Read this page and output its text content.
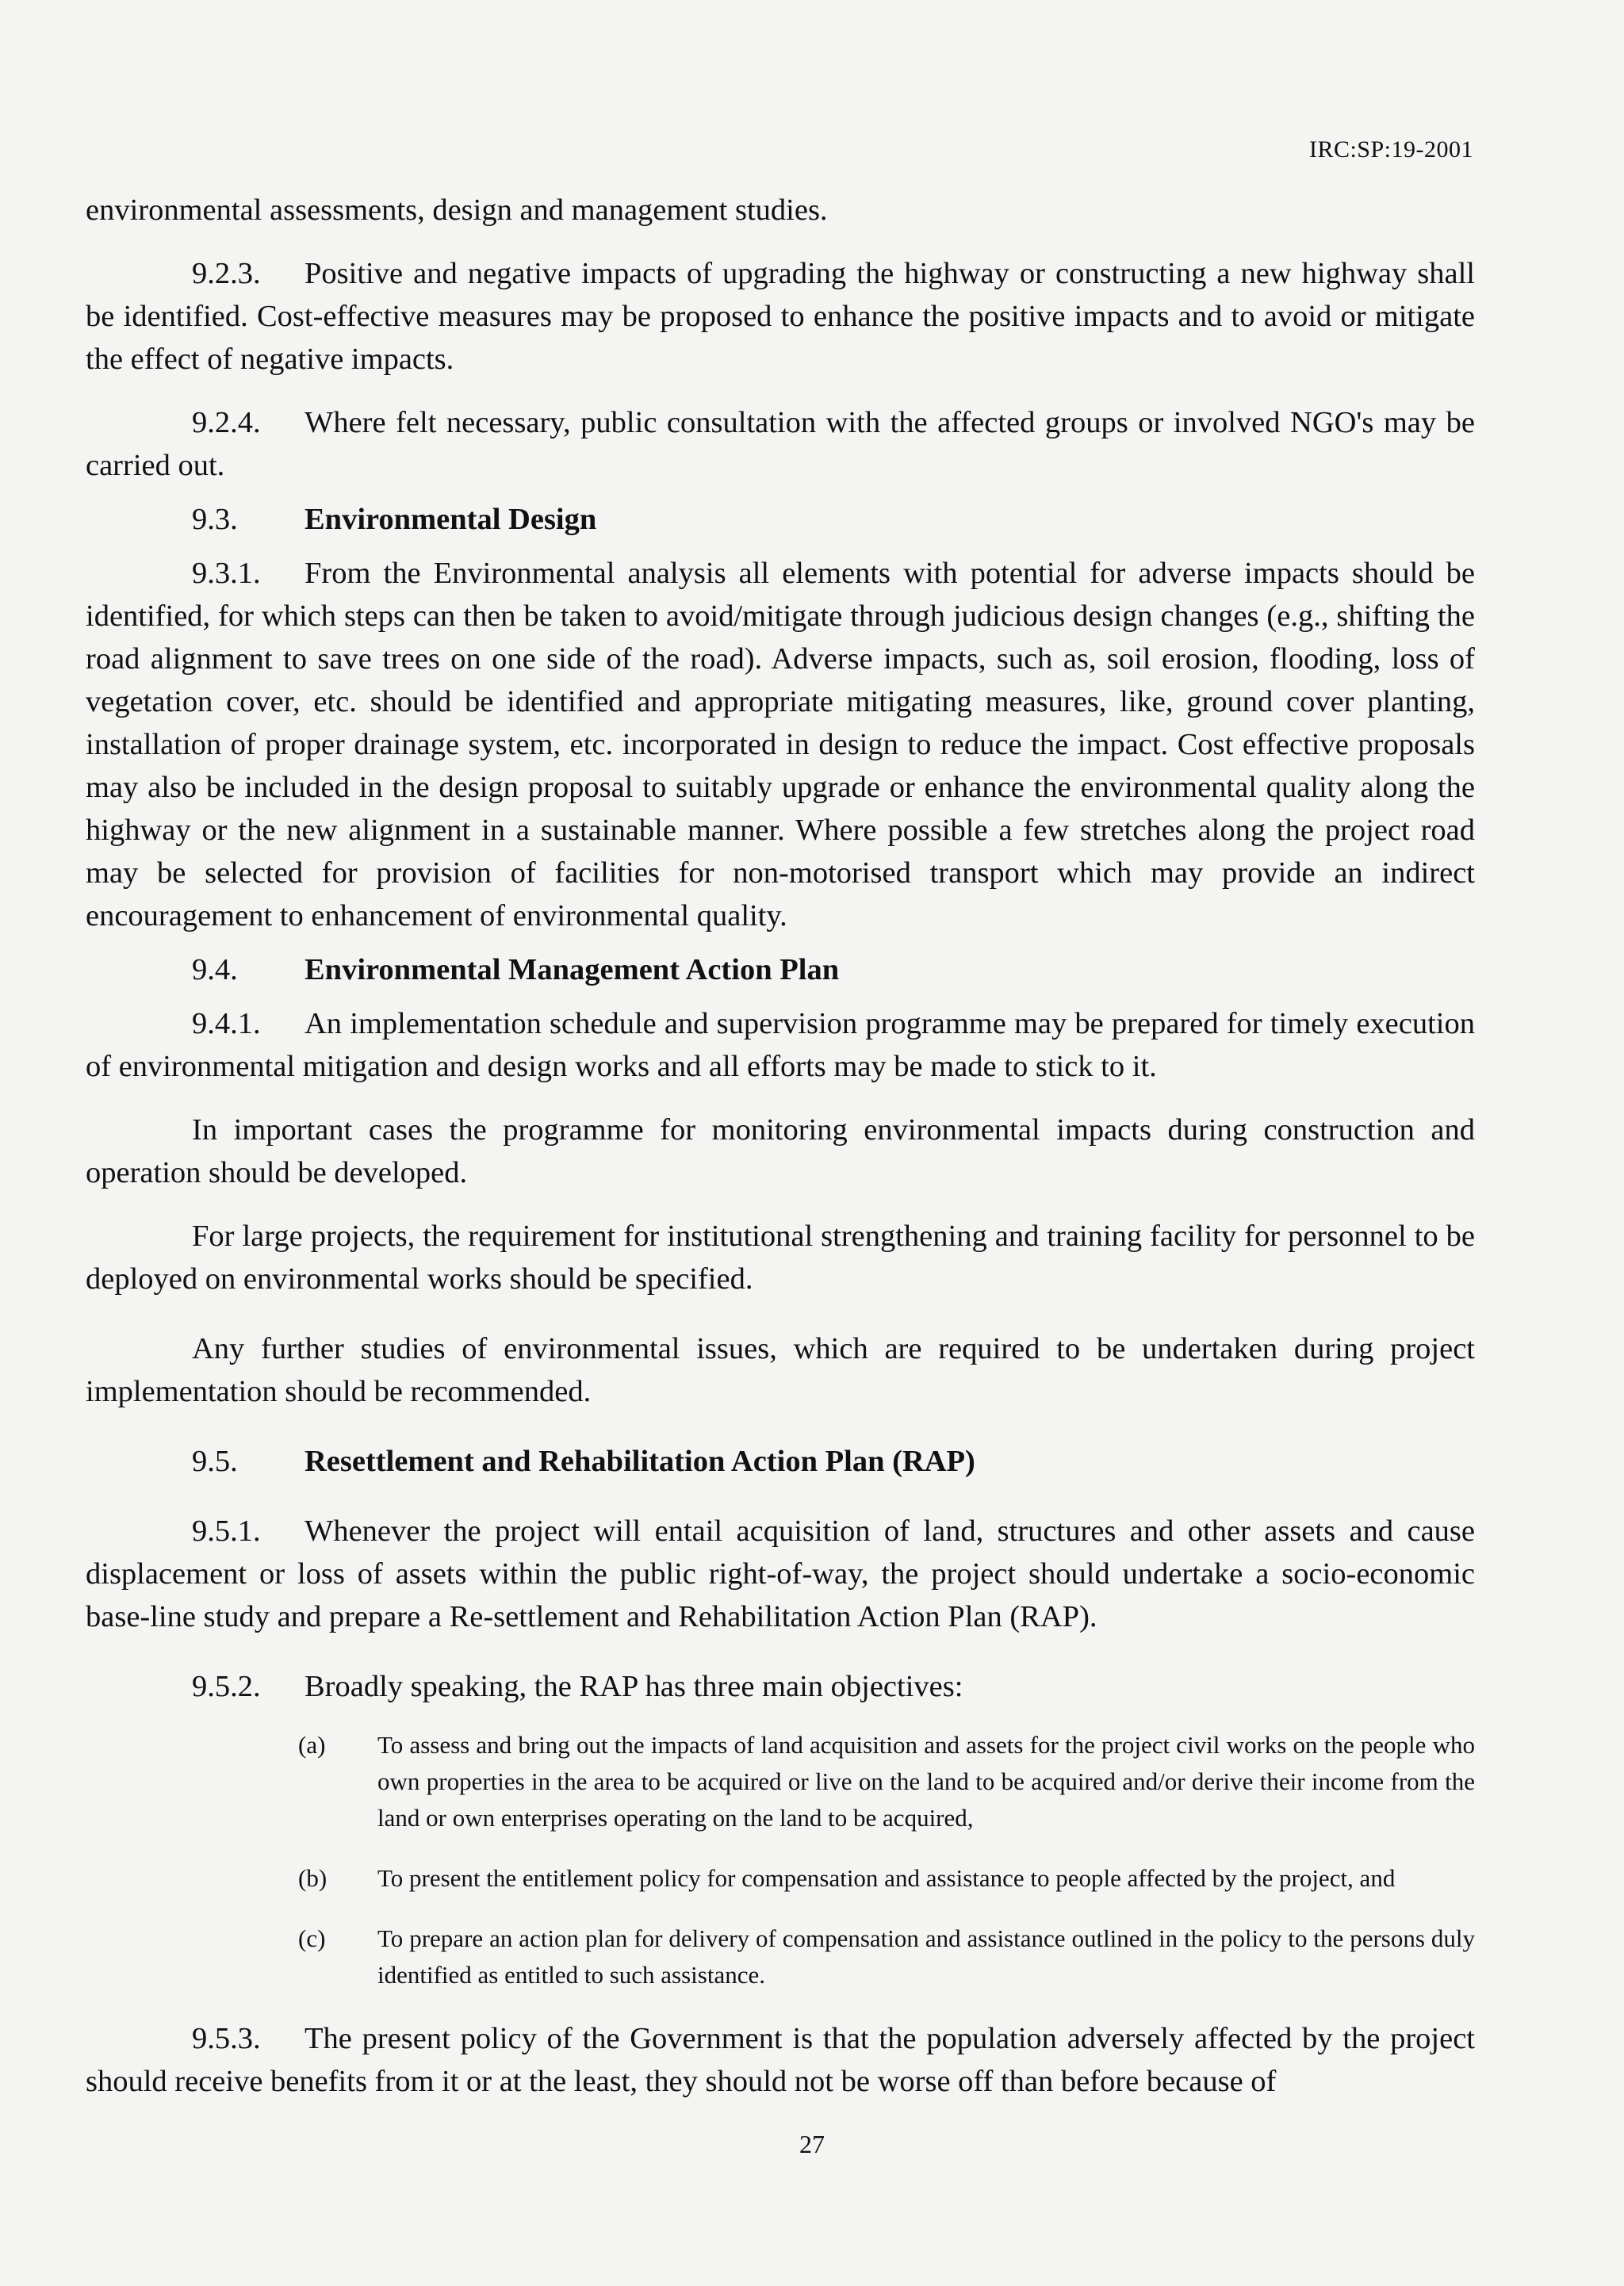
IRC:SP:19-2001

environmental assessments, design and management studies.

9.2.3. Positive and negative impacts of upgrading the highway or constructing a new highway shall be identified. Cost-effective measures may be proposed to enhance the positive impacts and to avoid or mitigate the effect of negative impacts.

9.2.4. Where felt necessary, public consultation with the affected groups or involved NGO's may be carried out.

9.3. Environmental Design

9.3.1. From the Environmental analysis all elements with potential for adverse impacts should be identified, for which steps can then be taken to avoid/mitigate through judicious design changes (e.g., shifting the road alignment to save trees on one side of the road). Adverse impacts, such as, soil erosion, flooding, loss of vegetation cover, etc. should be identified and appropriate mitigating measures, like, ground cover planting, installation of proper drainage system, etc. incorporated in design to reduce the impact. Cost effective proposals may also be included in the design proposal to suitably upgrade or enhance the environmental quality along the highway or the new alignment in a sustainable manner. Where possible a few stretches along the project road may be selected for provision of facilities for non-motorised transport which may provide an indirect encouragement to enhancement of environmental quality.

9.4. Environmental Management Action Plan

9.4.1. An implementation schedule and supervision programme may be prepared for timely execution of environmental mitigation and design works and all efforts may be made to stick to it.

In important cases the programme for monitoring environmental impacts during construction and operation should be developed.

For large projects, the requirement for institutional strengthening and training facility for personnel to be deployed on environmental works should be specified.

Any further studies of environmental issues, which are required to be undertaken during project implementation should be recommended.

9.5. Resettlement and Rehabilitation Action Plan (RAP)

9.5.1. Whenever the project will entail acquisition of land, structures and other assets and cause displacement or loss of assets within the public right-of-way, the project should undertake a socio-economic base-line study and prepare a Re-settlement and Rehabilitation Action Plan (RAP).

9.5.2. Broadly speaking, the RAP has three main objectives:

(a)	To assess and bring out the impacts of land acquisition and assets for the project civil works on the people who own properties in the area to be acquired or live on the land to be acquired and/or derive their income from the land or own enterprises operating on the land to be acquired,
(b)	To present the entitlement policy for compensation and assistance to people affected by the project, and
(c)	To prepare an action plan for delivery of compensation and assistance outlined in the policy to the persons duly identified as entitled to such assistance.

9.5.3. The present policy of the Government is that the population adversely affected by the project should receive benefits from it or at the least, they should not be worse off than before because of

27
